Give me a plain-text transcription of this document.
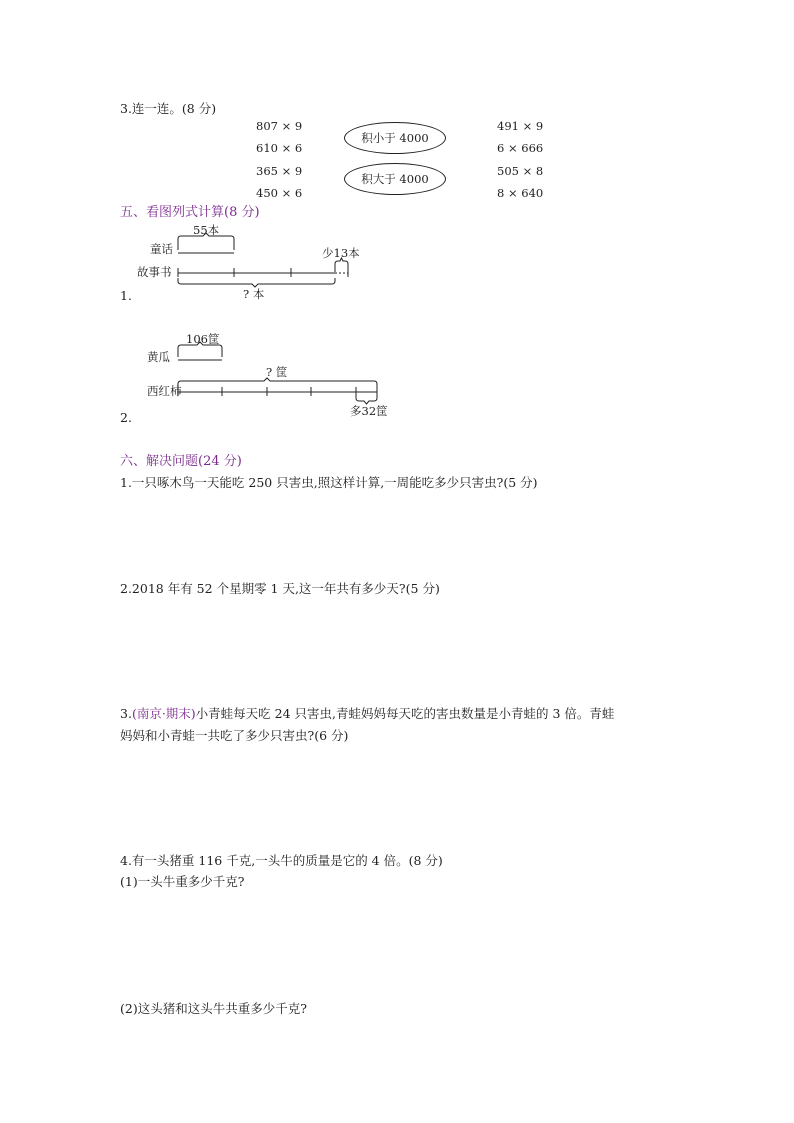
3.连一连。(8 分)
807 × 9
610 × 6
365 × 9
450 × 6
积小于 4000
积大于 4000
491 × 9
6 × 666
505 × 8
8 × 640
五、看图列式计算(8 分)
55本
童话	少13本
故事书
? 本
1.
106筐
黄瓜
? 筐
西红柿
多32筐
2.
六、解决问题(24 分)
1.一只啄木鸟一天能吃 250 只害虫,照这样计算,一周能吃多少只害虫?(5 分)
2.2018 年有 52 个星期零 1 天,这一年共有多少天?(5 分)
3.(南京·期末)小青蛙每天吃 24 只害虫,青蛙妈妈每天吃的害虫数量是小青蛙的 3 倍。青蛙
妈妈和小青蛙一共吃了多少只害虫?(6 分)
4.有一头猪重 116 千克,一头牛的质量是它的 4 倍。(8 分)
(1)一头牛重多少千克?
(2)这头猪和这头牛共重多少千克?
